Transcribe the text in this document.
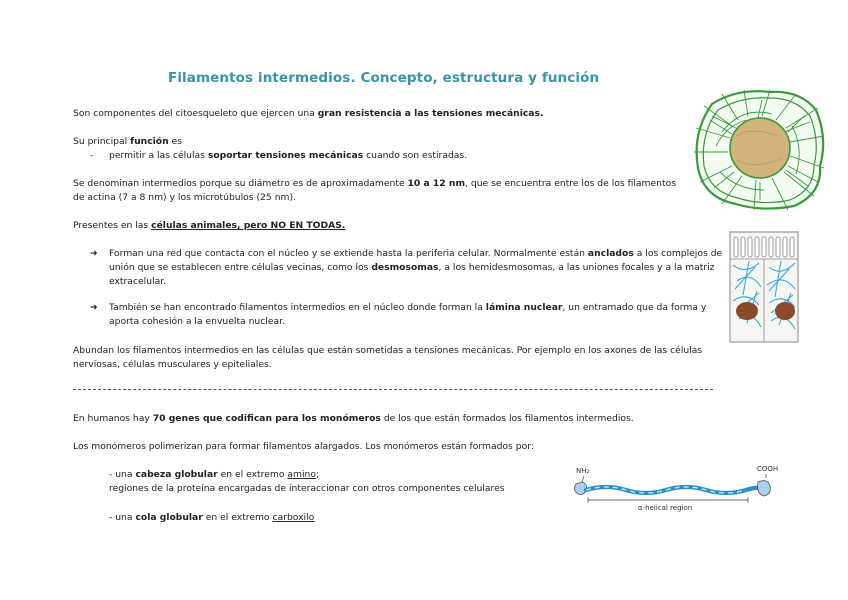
Filamentos intermedios. Concepto, estructura y función
Son componentes del citoesqueleto que ejercen una gran resistencia a las tensiones mecánicas.
Su principal función es
- permitir a las células soportar tensiones mecánicas cuando son estiradas.
Se denominan intermedios porque su diámetro es de aproximadamente 10 a 12 nm, que se encuentra entre los de los filamentos
de actina (7 a 8 nm) y los microtúbulos (25 nm).
Presentes en las células animales, pero NO EN TODAS.
➜ Forman una red que contacta con el núcleo y se extiende hasta la periferia celular. Normalmente están anclados a los complejos de
unión que se establecen entre células vecinas, como los desmosomas, a los hemidesmosomas, a las uniones focales y a la matriz
extracelular.
➜ También se han encontrado filamentos intermedios en el núcleo donde forman la lámina nuclear, un entramado que da forma y
aporta cohesión a la envuelta nuclear.
Abundan los filamentos intermedios en las células que están sometidas a tensiones mecánicas. Por ejemplo en los axones de las células
nerviosas, células musculares y epiteliales.
En humanos hay 70 genes que codifican para los monómeros de los que están formados los filamentos intermedios.
Los monómeros polimerizan para formar filamentos alargados. Los monómeros están formados por:
- una cabeza globular en el extremo amino;
regiones de la proteína encargadas de interaccionar con otros componentes celulares
- una cola globular en el extremo carboxilo
NH₂	COOH
α-helical region
